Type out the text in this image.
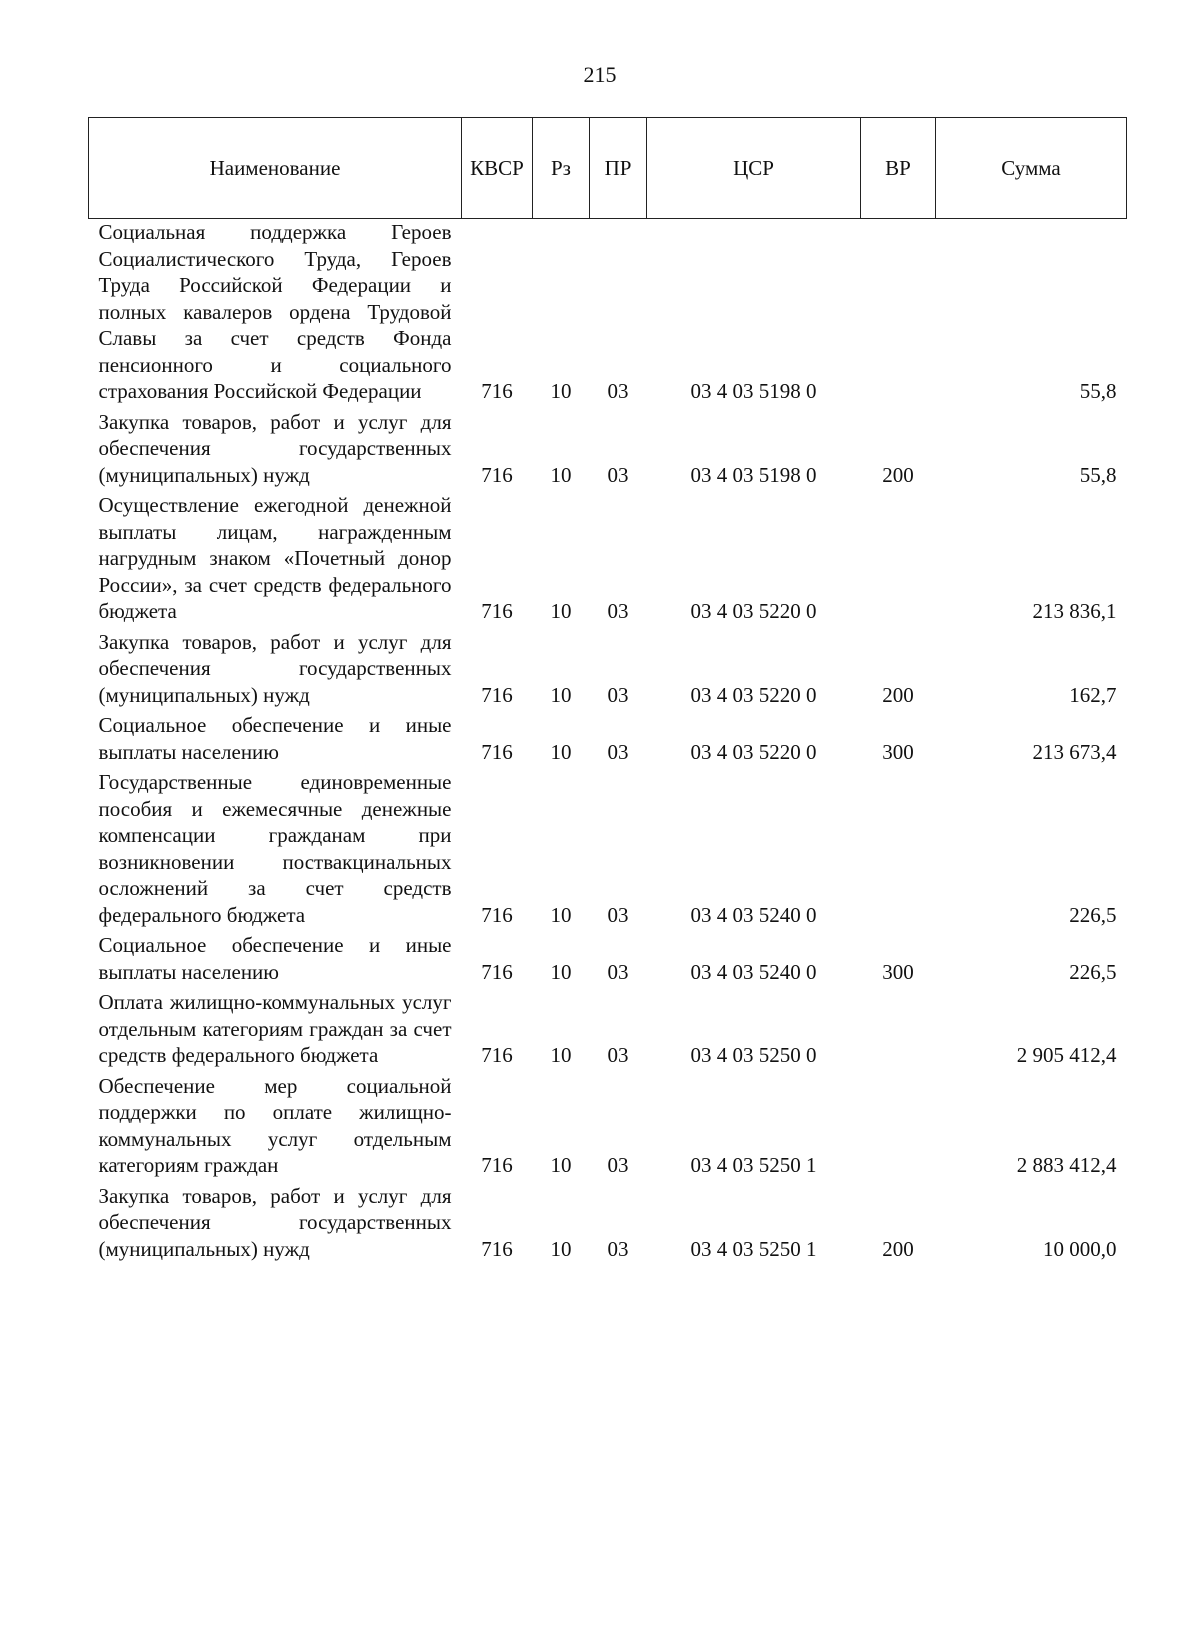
215
Наименование	КВСР	Рз	ПР	ЦСР	ВР	Сумма
Социальная поддержка Героев Социалистического Труда, Героев Труда Российской Федерации и полных кавалеров ордена Трудовой Славы за счет средств Фонда пенсионного и социального страхования Российской Федерации	716	10	03	03 4 03 5198 0		55,8
Закупка товаров, работ и услуг для обеспечения государственных (муниципальных) нужд	716	10	03	03 4 03 5198 0	200	55,8
Осуществление ежегодной денежной выплаты лицам, награжденным нагрудным знаком «Почетный донор России», за счет средств федерального бюджета	716	10	03	03 4 03 5220 0		213 836,1
Закупка товаров, работ и услуг для обеспечения государственных (муниципальных) нужд	716	10	03	03 4 03 5220 0	200	162,7
Социальное обеспечение и иные выплаты населению	716	10	03	03 4 03 5220 0	300	213 673,4
Государственные единовременные пособия и ежемесячные денежные компенсации гражданам при возникновении поствакцинальных осложнений за счет средств федерального бюджета	716	10	03	03 4 03 5240 0		226,5
Социальное обеспечение и иные выплаты населению	716	10	03	03 4 03 5240 0	300	226,5
Оплата жилищно-коммунальных услуг отдельным категориям граждан за счет средств федерального бюджета	716	10	03	03 4 03 5250 0		2 905 412,4
Обеспечение мер социальной поддержки по оплате жилищно-коммунальных услуг отдельным категориям граждан	716	10	03	03 4 03 5250 1		2 883 412,4
Закупка товаров, работ и услуг для обеспечения государственных (муниципальных) нужд	716	10	03	03 4 03 5250 1	200	10 000,0
